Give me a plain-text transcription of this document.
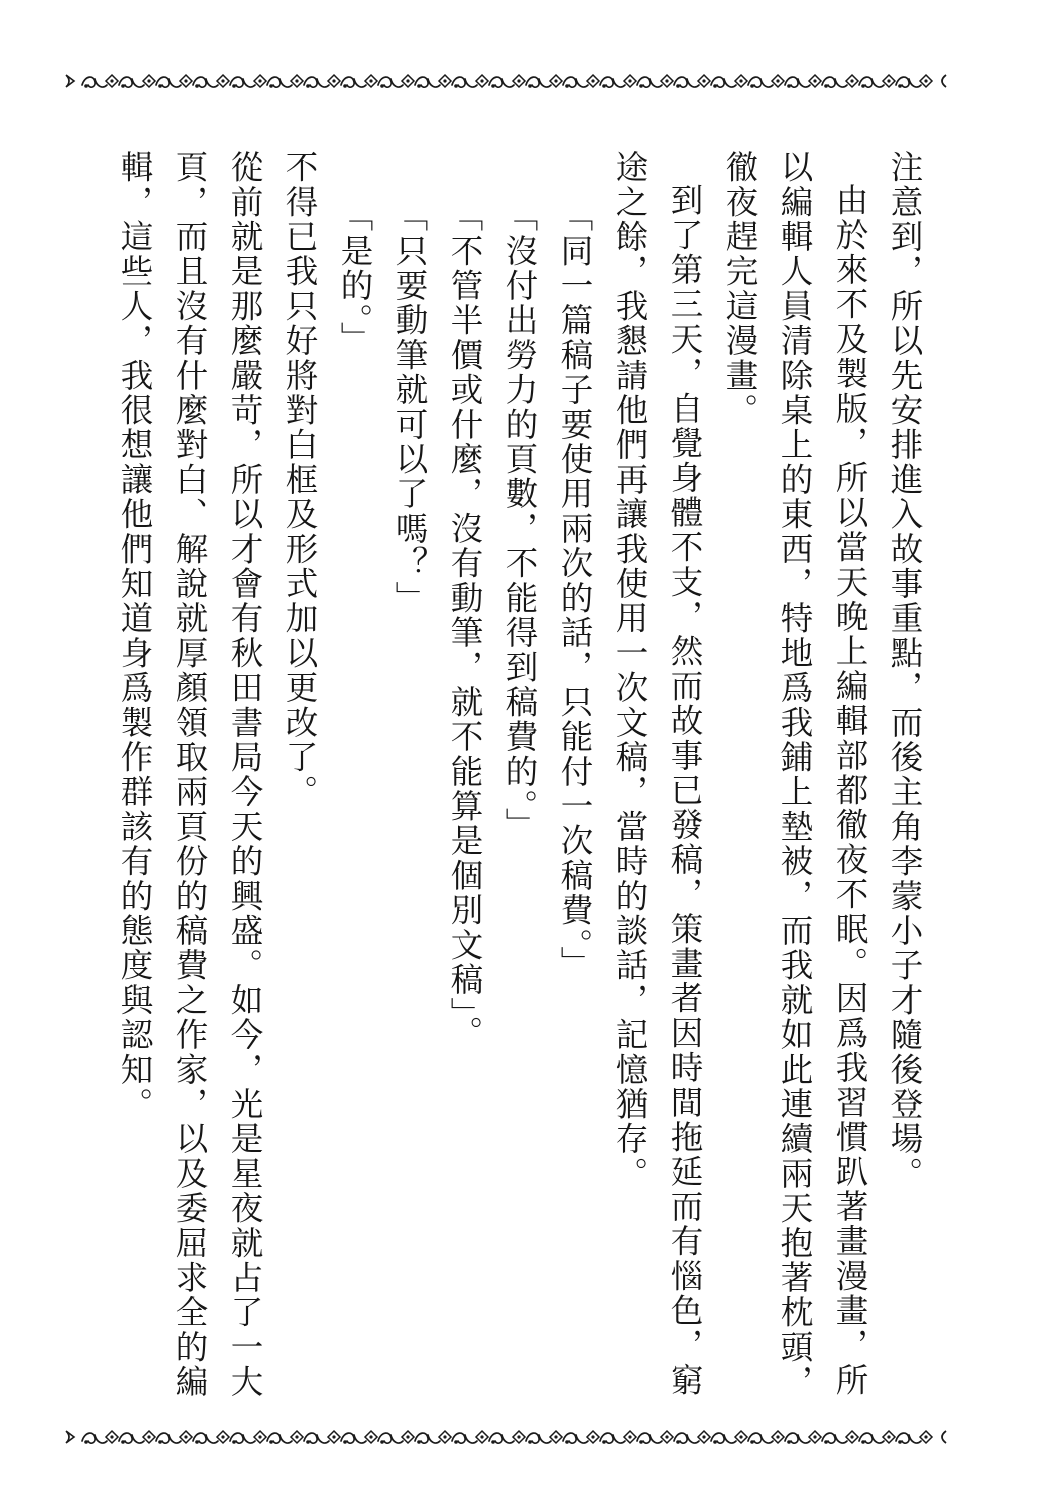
注意到，所以先安排進入故事重點，而後主角李蒙小子才隨後登場。

由於來不及製版，所以當天晚上編輯部都徹夜不眠。因爲我習慣趴著畫漫畫，所以編輯人員清除桌上的東西，特地爲我鋪上墊被，而我就如此連續兩天抱著枕頭，徹夜趕完這漫畫。

到了第三天，自覺身體不支，然而故事已發稿，策畫者因時間拖延而有惱色，窮途之餘，我懇請他們再讓我使用一次文稿，當時的談話，記憶猶存。

「同一篇稿子要使用兩次的話，只能付一次稿費。」

「沒付出勞力的頁數，不能得到稿費的。」

「不管半價或什麼，沒有動筆，就不能算是個別文稿」。

「只要動筆就可以了嗎？」

「是的。」

不得已我只好將對白框及形式加以更改了。

從前就是那麼嚴苛，所以才會有秋田書局今天的興盛。如今，光是星夜就占了一大頁，而且沒有什麼對白、解說就厚顏領取兩頁份的稿費之作家，以及委屈求全的編輯，這些人，我很想讓他們知道身爲製作群該有的態度與認知。
